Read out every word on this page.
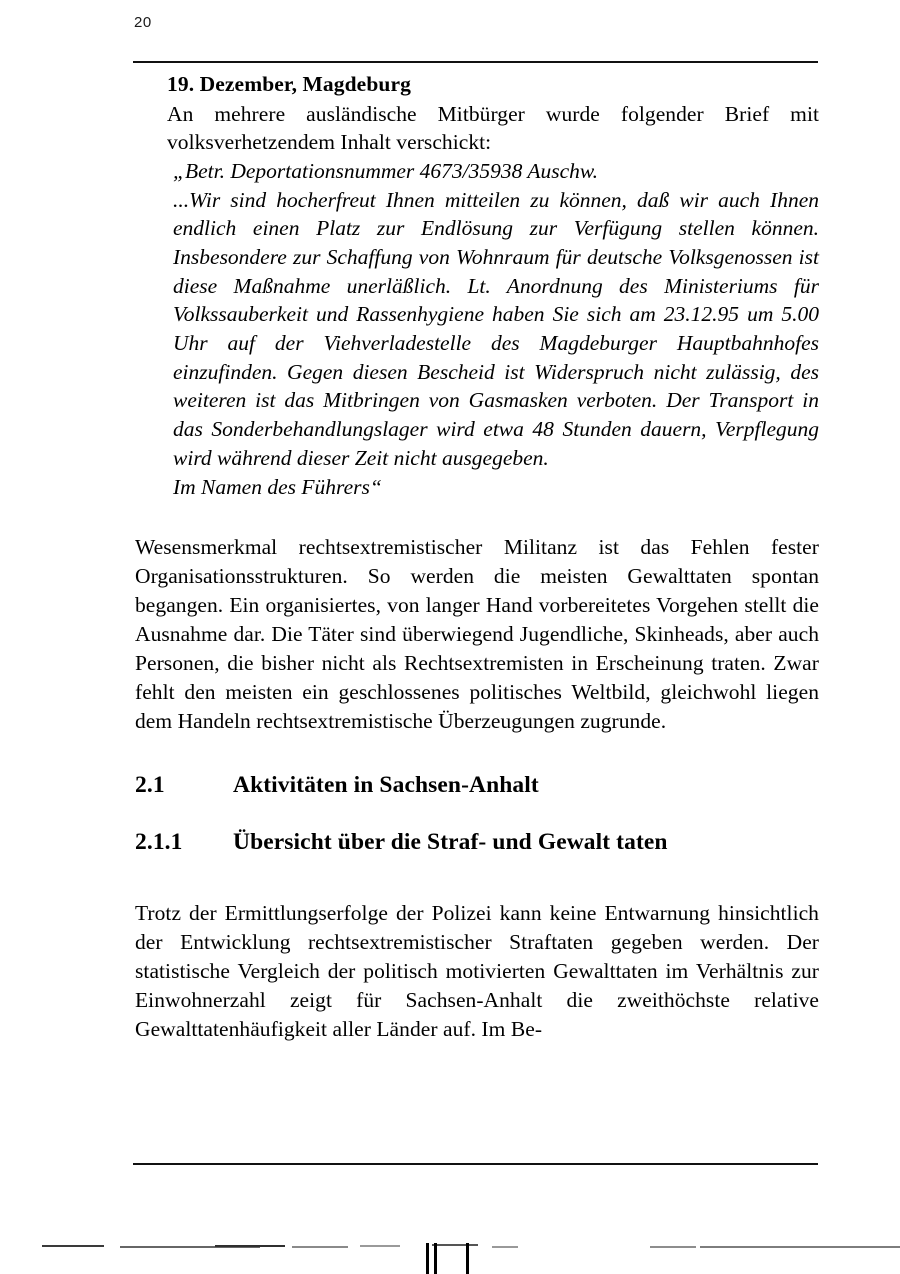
20
19. Dezember, Magdeburg
An mehrere ausländische Mitbürger wurde folgender Brief mit volksverhetzendem Inhalt verschickt:

„Betr. Deportationsnummer 4673/35938 Auschw.

...Wir sind hocherfreut Ihnen mitteilen zu können, daß wir auch Ihnen endlich einen Platz zur Endlösung zur Verfügung stellen können. Insbesondere zur Schaffung von Wohnraum für deutsche Volksgenossen ist diese Maßnahme unerläßlich. Lt. Anordnung des Ministeriums für Volkssauberkeit und Rassenhygiene haben Sie sich am 23.12.95 um 5.00 Uhr auf der Viehverladestelle des Magdeburger Hauptbahnhofes einzufinden. Gegen diesen Bescheid ist Widerspruch nicht zulässig, des weiteren ist das Mitbringen von Gasmasken verboten. Der Transport in das Sonderbehandlungslager wird etwa 48 Stunden dauern, Verpflegung wird während dieser Zeit nicht ausgegeben.

Im Namen des Führers“

Wesensmerkmal rechtsextremistischer Militanz ist das Fehlen fester Organisationsstrukturen. So werden die meisten Gewalttaten spontan begangen. Ein organisiertes, von langer Hand vorbereitetes Vorgehen stellt die Ausnahme dar. Die Täter sind überwiegend Jugendliche, Skinheads, aber auch Personen, die bisher nicht als Rechtsextremisten in Erscheinung traten. Zwar fehlt den meisten ein geschlossenes politisches Weltbild, gleichwohl liegen dem Handeln rechtsextremistische Überzeugungen zugrunde.
2.1	Aktivitäten in Sachsen-Anhalt
2.1.1	Übersicht über die Straf- und Gewalt taten
Trotz der Ermittlungserfolge der Polizei kann keine Entwarnung hinsichtlich der Entwicklung rechtsextremistischer Straftaten gegeben werden. Der statistische Vergleich der politisch motivierten Gewalttaten im Verhältnis zur Einwohnerzahl zeigt für Sachsen-Anhalt die zweithöchste relative Gewalttatenhäufigkeit aller Länder auf. Im Be-
